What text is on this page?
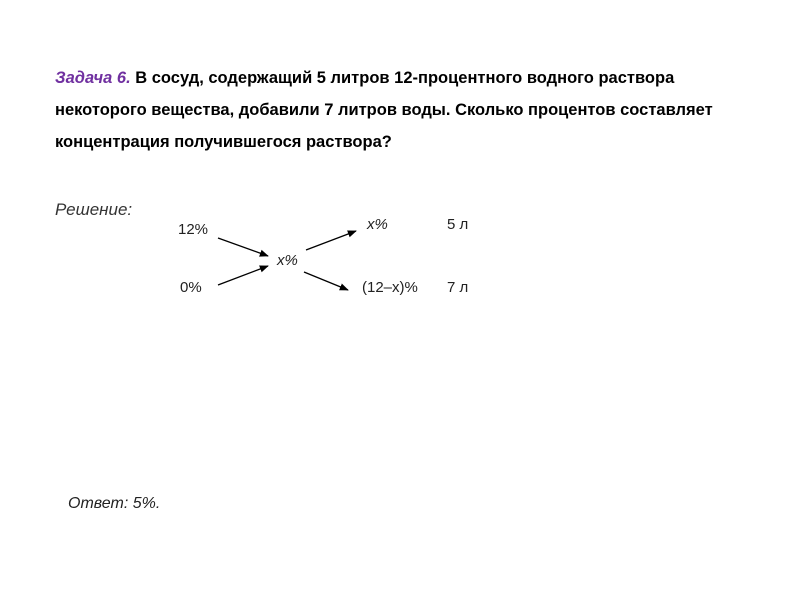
Задача 6. В сосуд, содержащий 5 литров 12-процентного водного раствора некоторого вещества, добавили 7 литров воды. Сколько процентов составляет концентрация получившегося раствора?
Решение:
12%
0%
x%
x%
(12–x)%
5 л
7 л
Ответ: 5%.
